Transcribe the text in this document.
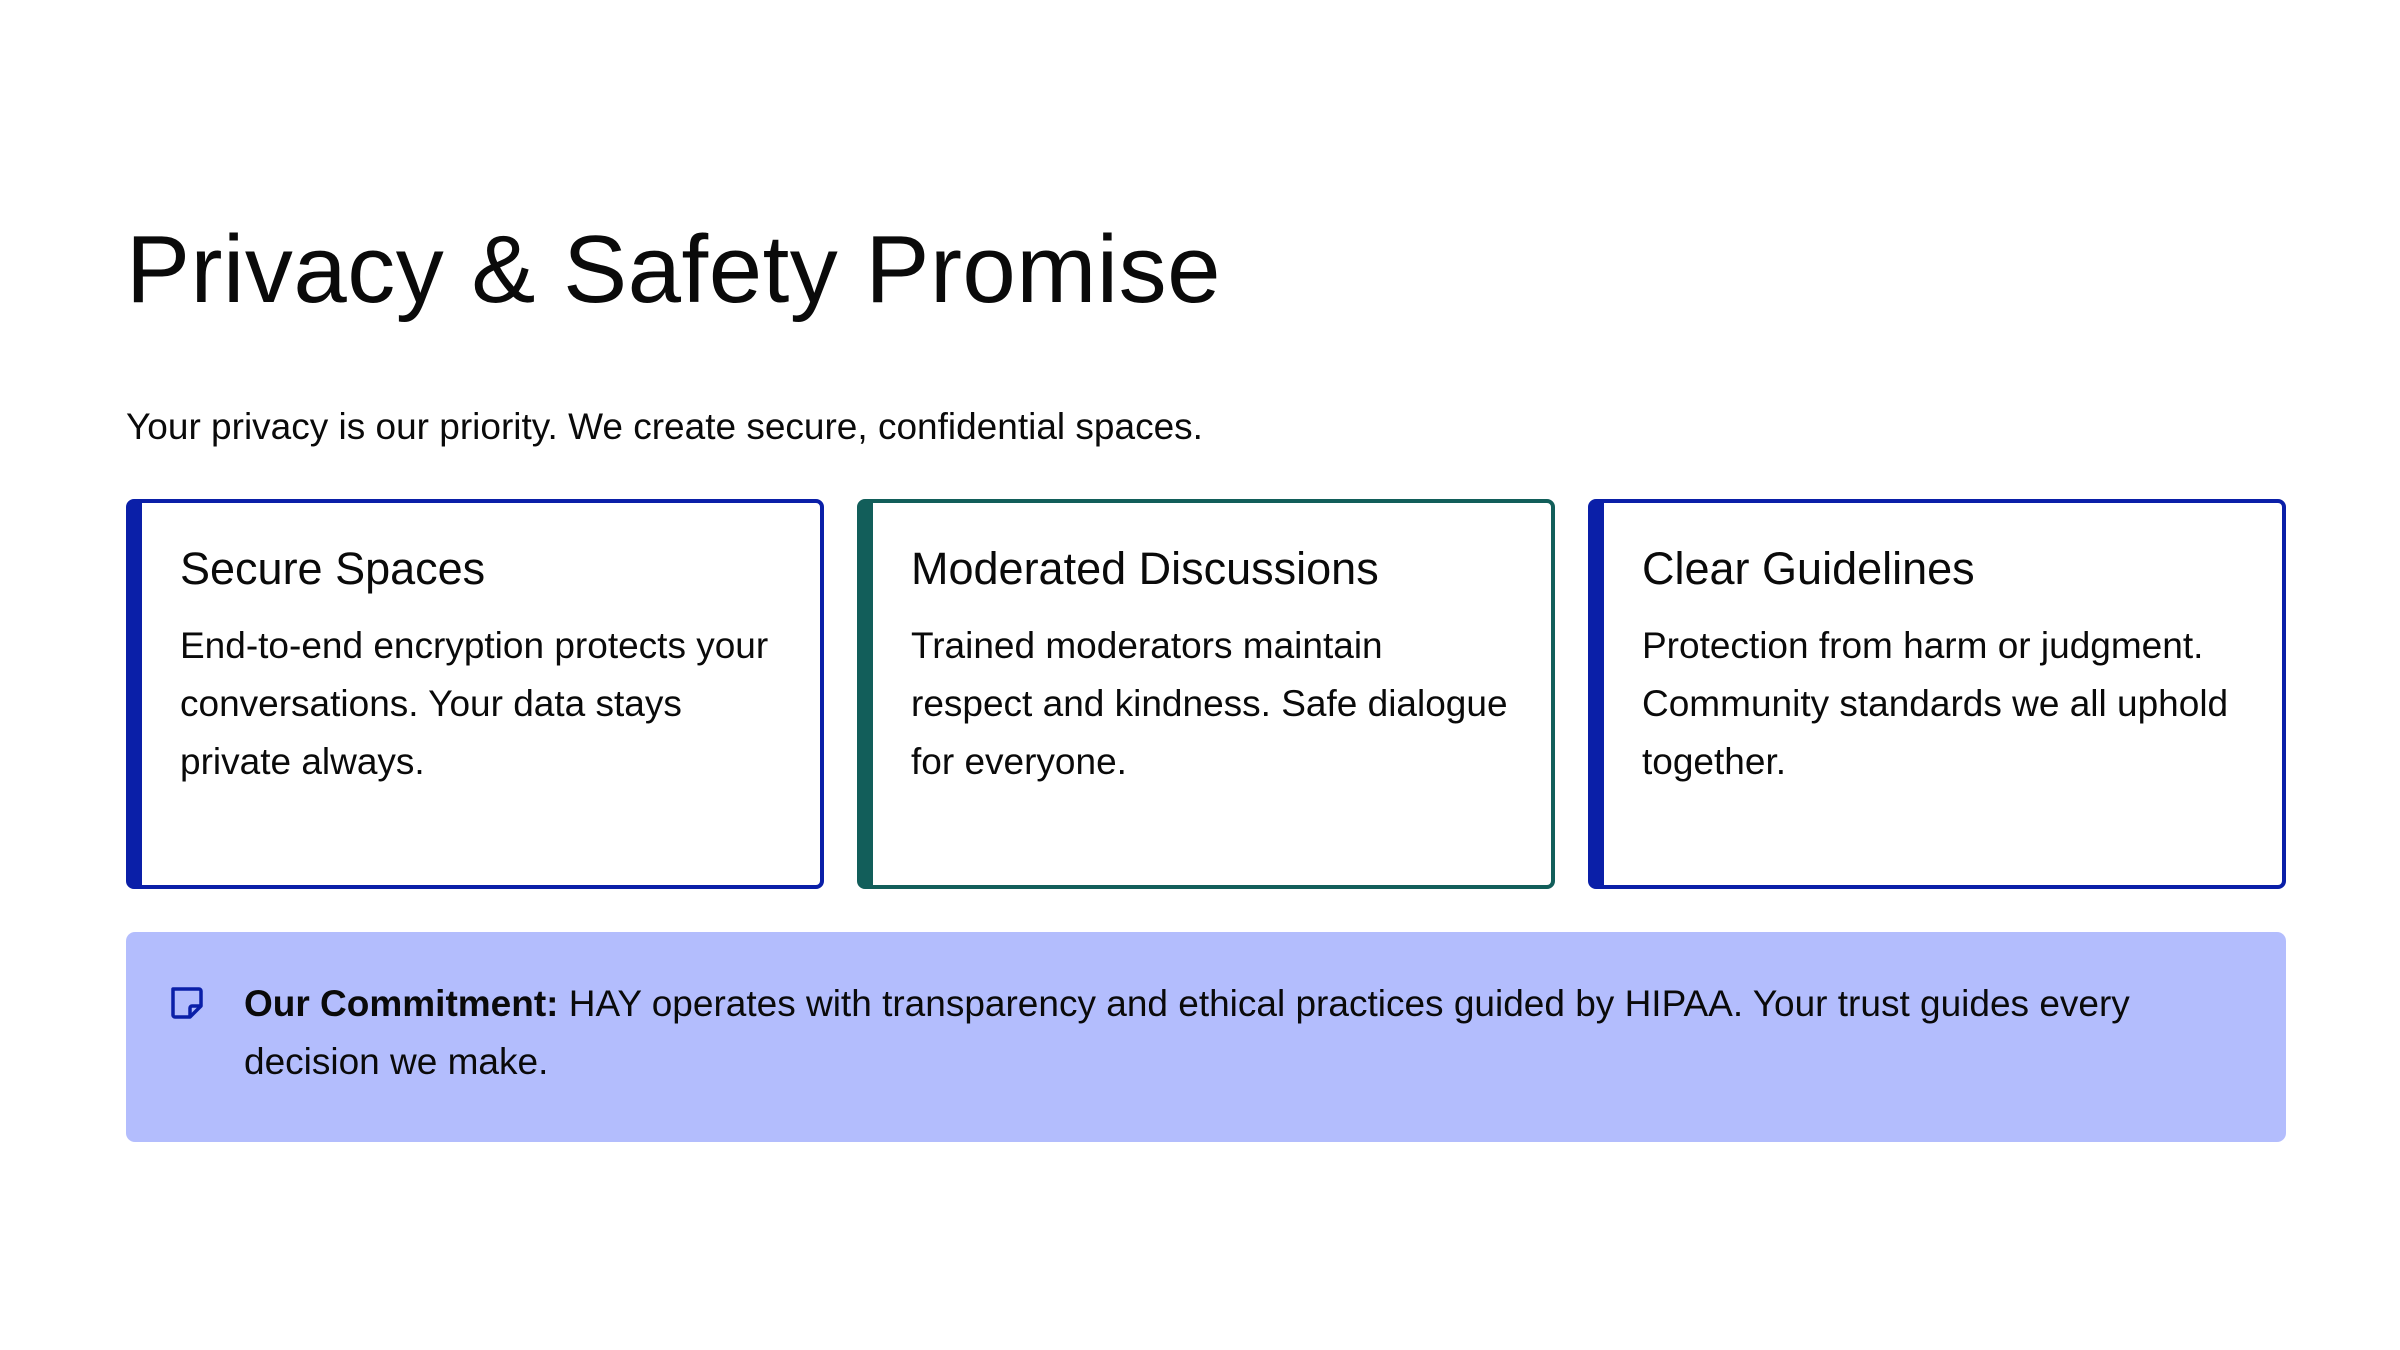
Privacy & Safety Promise

Your privacy is our priority. We create secure, confidential spaces.

Secure Spaces

End-to-end encryption protects your conversations. Your data stays private always.

Moderated Discussions

Trained moderators maintain respect and kindness. Safe dialogue for everyone.

Clear Guidelines

Protection from harm or judgment. Community standards we all uphold together.

Our Commitment: HAY operates with transparency and ethical practices guided by HIPAA. Your trust guides every decision we make.
